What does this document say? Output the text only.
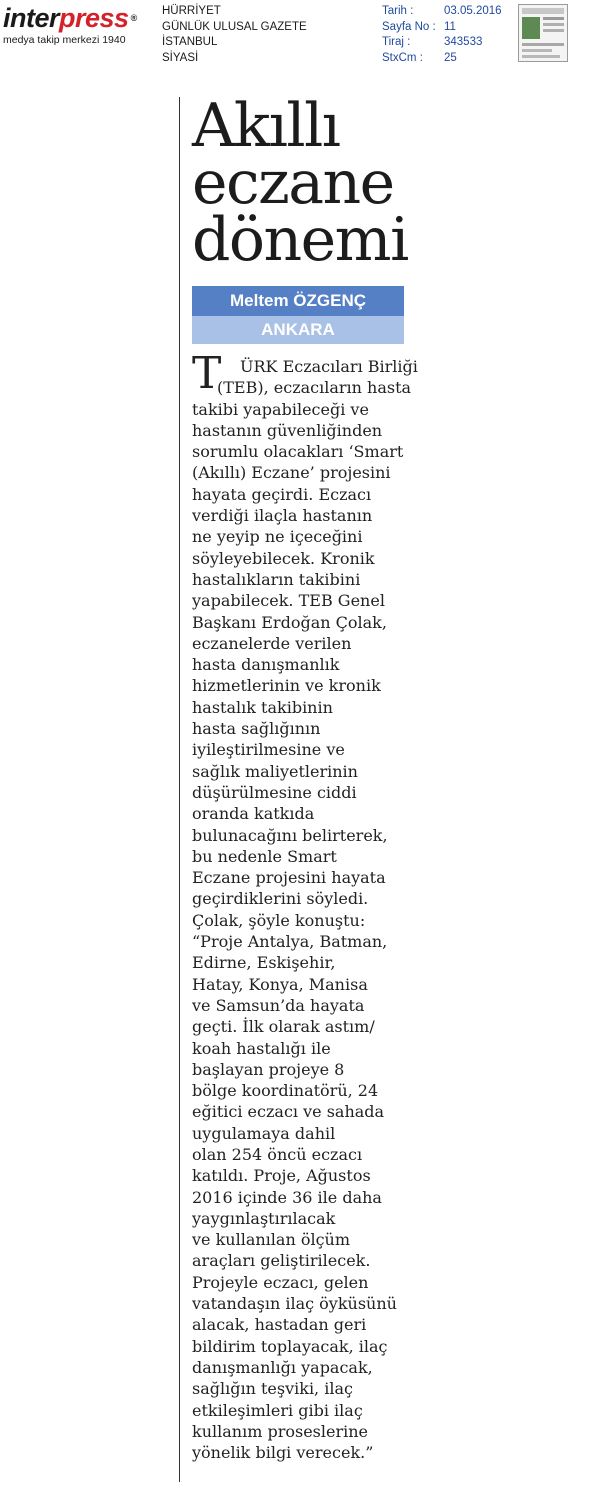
interpress ®
medya takip merkezi 1940
HÜRRİYET
GÜNLÜK ULUSAL GAZETE
İSTANBUL
SİYASİ
Tarih :	03.05.2016
Sayfa No : 11
Tiraj :	343533
StxCm :	25
Akıllı
eczane
dönemi
Meltem ÖZGENÇ
ANKARA
T ÜRK Eczacıları Birliği
(TEB), eczacıların hasta
takibi yapabileceği ve
hastanın güvenliğinden
sorumlu olacakları ‘Smart
(Akıllı) Eczane’ projesini
hayata geçirdi. Eczacı
verdiği ilaçla hastanın
ne yeyip ne içeceğini
söyleyebilecek. Kronik
hastalıkların takibini
yapabilecek. TEB Genel
Başkanı Erdoğan Çolak,
eczanelerde verilen
hasta danışmanlık
hizmetlerinin ve kronik
hastalık takibinin
hasta sağlığının
iyileştirilmesine ve
sağlık maliyetlerinin
düşürülmesine ciddi
oranda katkıda
bulunacağını belirterek,
bu nedenle Smart
Eczane projesini hayata
geçirdiklerini söyledi.
Çolak, şöyle konuştu:
“Proje Antalya, Batman,
Edirne, Eskişehir,
Hatay, Konya, Manisa
ve Samsun’da hayata
geçti. İlk olarak astım/
koah hastalığı ile
başlayan projeye 8
bölge koordinatörü, 24
eğitici eczacı ve sahada
uygulamaya dahil
olan 254 öncü eczacı
katıldı. Proje, Ağustos
2016 içinde 36 ile daha
yaygınlaştırılacak
ve kullanılan ölçüm
araçları geliştirilecek.
Projeyle eczacı, gelen
vatandaşın ilaç öyküsünü
alacak, hastadan geri
bildirim toplayacak, ilaç
danışmanlığı yapacak,
sağlığın teşviki, ilaç
etkileşimleri gibi ilaç
kullanım proseslerine
yönelik bilgi verecek.”
